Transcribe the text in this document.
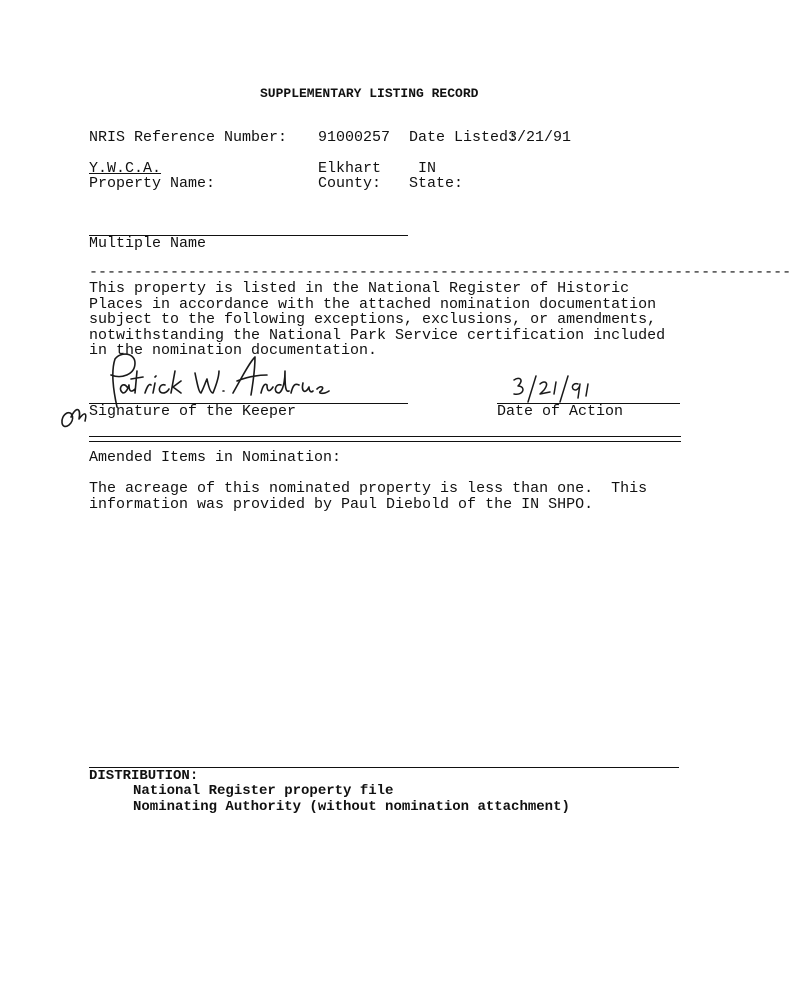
SUPPLEMENTARY LISTING RECORD
NRIS Reference Number: 91000257 Date Listed:
3/21/91
Y.W.C.A.	Elkhart IN
Property Name:	County: State:
Multiple Name
------------------------------------------------------------------------------
This property is listed in the National Register of Historic
Places in accordance with the attached nomination documentation
subject to the following exceptions, exclusions, or amendments,
notwithstanding the National Park Service certification included
in the nomination documentation.
Signature of the Keeper	Date of Action
Amended Items in Nomination:
The acreage of this nominated property is less than one.  This
information was provided by Paul Diebold of the IN SHPO.
DISTRIBUTION:
National Register property file
Nominating Authority (without nomination attachment)
